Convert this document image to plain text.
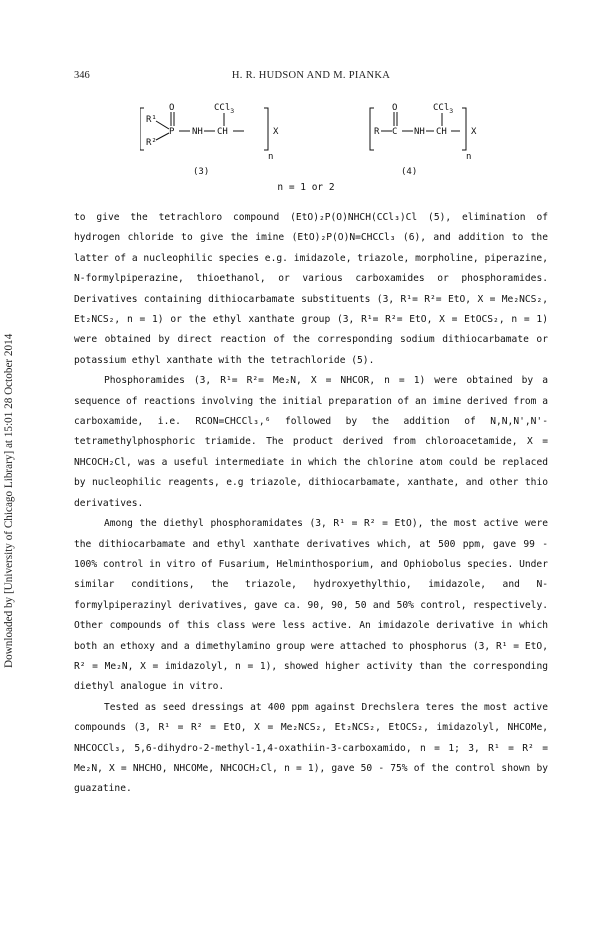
346	H. R. HUDSON AND M. PIANKA
Downloaded by [University of Chicago Library] at 15:01 28 October 2014
R¹
R²
O
P NH CH
CCl$_3$
X
n
(3)
R
O
C NH CH
CCl$_3$
X
n
(4)
n = 1 or 2

to give the tetrachloro compound (EtO)₂P(O)NHCH(CCl₃)Cl (5), elimination of hydrogen chloride to give the imine (EtO)₂P(O)N=CHCCl₃ (6), and addition to the latter of a nucleophilic species e.g. imidazole, triazole, morpholine, piperazine, N-formylpiperazine, thioethanol, or various carboxamides or phosphoramides. Derivatives containing dithiocarbamate substituents (3, R¹= R²= EtO, X = Me₂NCS₂, Et₂NCS₂, n = 1) or the ethyl xanthate group (3, R¹= R²= EtO, X = EtOCS₂, n = 1) were obtained by direct reaction of the corresponding sodium dithiocarbamate or potassium ethyl xanthate with the tetrachloride (5).

Phosphoramides (3, R¹= R²= Me₂N, X = NHCOR, n = 1) were obtained by a sequence of reactions involving the initial preparation of an imine derived from a carboxamide, i.e. RCON=CHCCl₃,⁶ followed by the addition of N,N,N',N'-tetramethylphosphoric triamide. The product derived from chloroacetamide, X = NHCOCH₂Cl, was a useful intermediate in which the chlorine atom could be replaced by nucleophilic reagents, e.g triazole, dithiocarbamate, xanthate, and other thio derivatives.

Among the diethyl phosphoramidates (3, R¹ = R² = EtO), the most active were the dithiocarbamate and ethyl xanthate derivatives which, at 500 ppm, gave 99 - 100% control in vitro of Fusarium, Helminthosporium, and Ophiobolus species. Under similar conditions, the triazole, hydroxyethylthio, imidazole, and N-formylpiperazinyl derivatives, gave ca. 90, 90, 50 and 50% control, respectively. Other compounds of this class were less active. An imidazole derivative in which both an ethoxy and a dimethylamino group were attached to phosphorus (3, R¹ = EtO, R² = Me₂N, X = imidazolyl, n = 1), showed higher activity than the corresponding diethyl analogue in vitro.

Tested as seed dressings at 400 ppm against Drechslera teres the most active compounds (3, R¹ = R² = EtO, X = Me₂NCS₂, Et₂NCS₂, EtOCS₂, imidazolyl, NHCOMe, NHCOCCl₃, 5,6-dihydro-2-methyl-1,4-oxathiin-3-carboxamido, n = 1; 3, R¹ = R² = Me₂N, X = NHCHO, NHCOMe, NHCOCH₂Cl, n = 1), gave 50 - 75% of the control shown by guazatine.
